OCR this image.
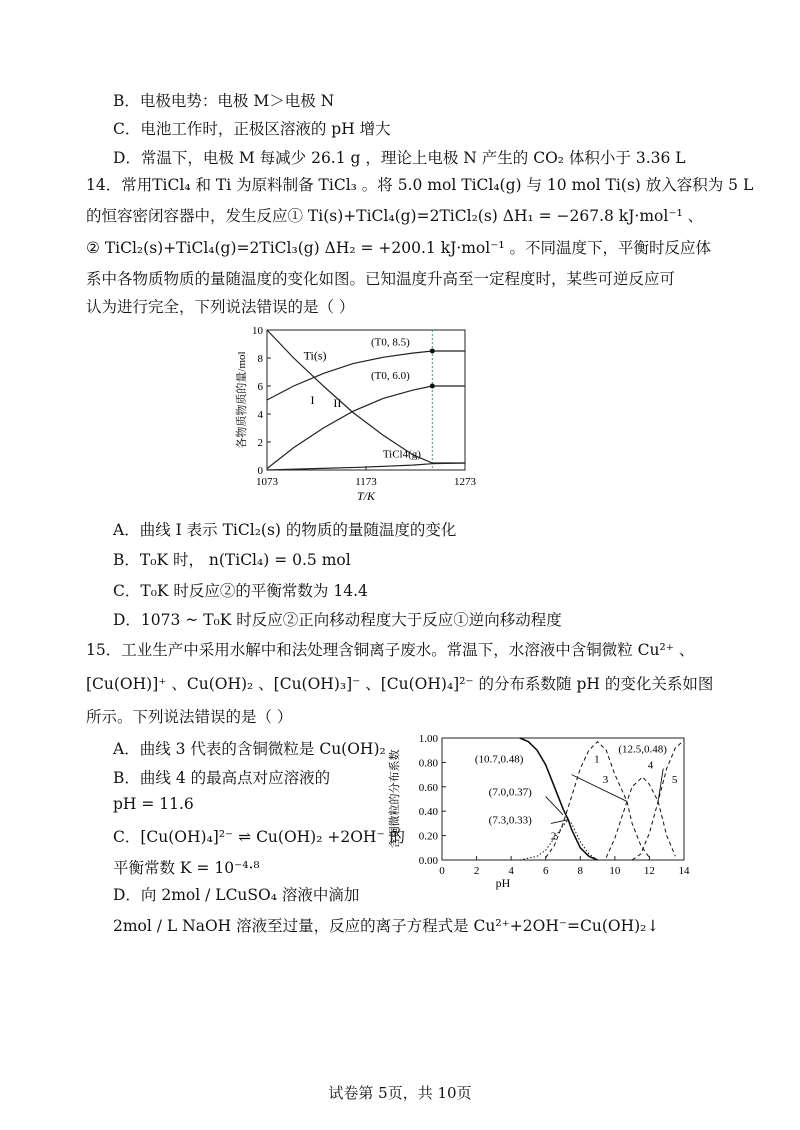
B．电极电势：电极 M＞电极 N
C．电池工作时，正极区溶液的 pH 增大
D．常温下，电极 M 每减少 26.1 g ，理论上电极 N 产生的 CO₂ 体积小于 3.36 L
14．常用TiCl₄ 和 Ti 为原料制备 TiCl₃ 。将 5.0 mol TiCl₄(g) 与 10 mol Ti(s) 放入容积为 5 L
的恒容密闭容器中，发生反应① Ti(s)+TiCl₄(g)=2TiCl₂(s) ΔH₁ = −267.8 kJ·mol⁻¹ 、
② TiCl₂(s)+TiCl₄(g)=2TiCl₃(g) ΔH₂ = +200.1 kJ·mol⁻¹ 。不同温度下，平衡时反应体
系中各物质物质的量随温度的变化如图。已知温度升高至一定程度时，某些可逆反应可
认为进行完全，下列说法错误的是（ ）
0
2
4
6
8
10
1073	1173	1273
T/K
各物质物质的量/mol	Ti(s)
I II
TiCl4(g)
(T0, 8.5)
(T0, 6.0)
A．曲线 I 表示 TiCl₂(s) 的物质的量随温度的变化
B．T₀K 时， n(TiCl₄) = 0.5 mol
C．T₀K 时反应②的平衡常数为 14.4
D．1073 ~ T₀K 时反应②正向移动程度大于反应①逆向移动程度
15．工业生产中采用水解中和法处理含铜离子废水。常温下，水溶液中含铜微粒 Cu²⁺ 、
[Cu(OH)]⁺ 、Cu(OH)₂ 、[Cu(OH)₃]⁻ 、[Cu(OH)₄]²⁻ 的分布系数随 pH 的变化关系如图
所示。下列说法错误的是（ ）
A．曲线 3 代表的含铜微粒是 Cu(OH)₂
B．曲线 4 的最高点对应溶液的
pH = 11.6
C．[Cu(OH)₄]²⁻ ⇌ Cu(OH)₂ +2OH⁻ 的
平衡常数 K = 10⁻⁴·⁸
D．向 2mol / LCuSO₄ 溶液中滴加
2mol / L NaOH 溶液至过量，反应的离子方程式是 Cu²⁺+2OH⁻=Cu(OH)₂↓
0.00
0.20
0.40
0.60
0.80
1.00
0	2	4	6	8 10 12 14
pH
含铜微粒的分布系数	1
2
3
4
5
(10.7,0.48)
(12.5,0.48)
(7.0,0.37)
(7.3,0.33)
试卷第 5页，共 10页
